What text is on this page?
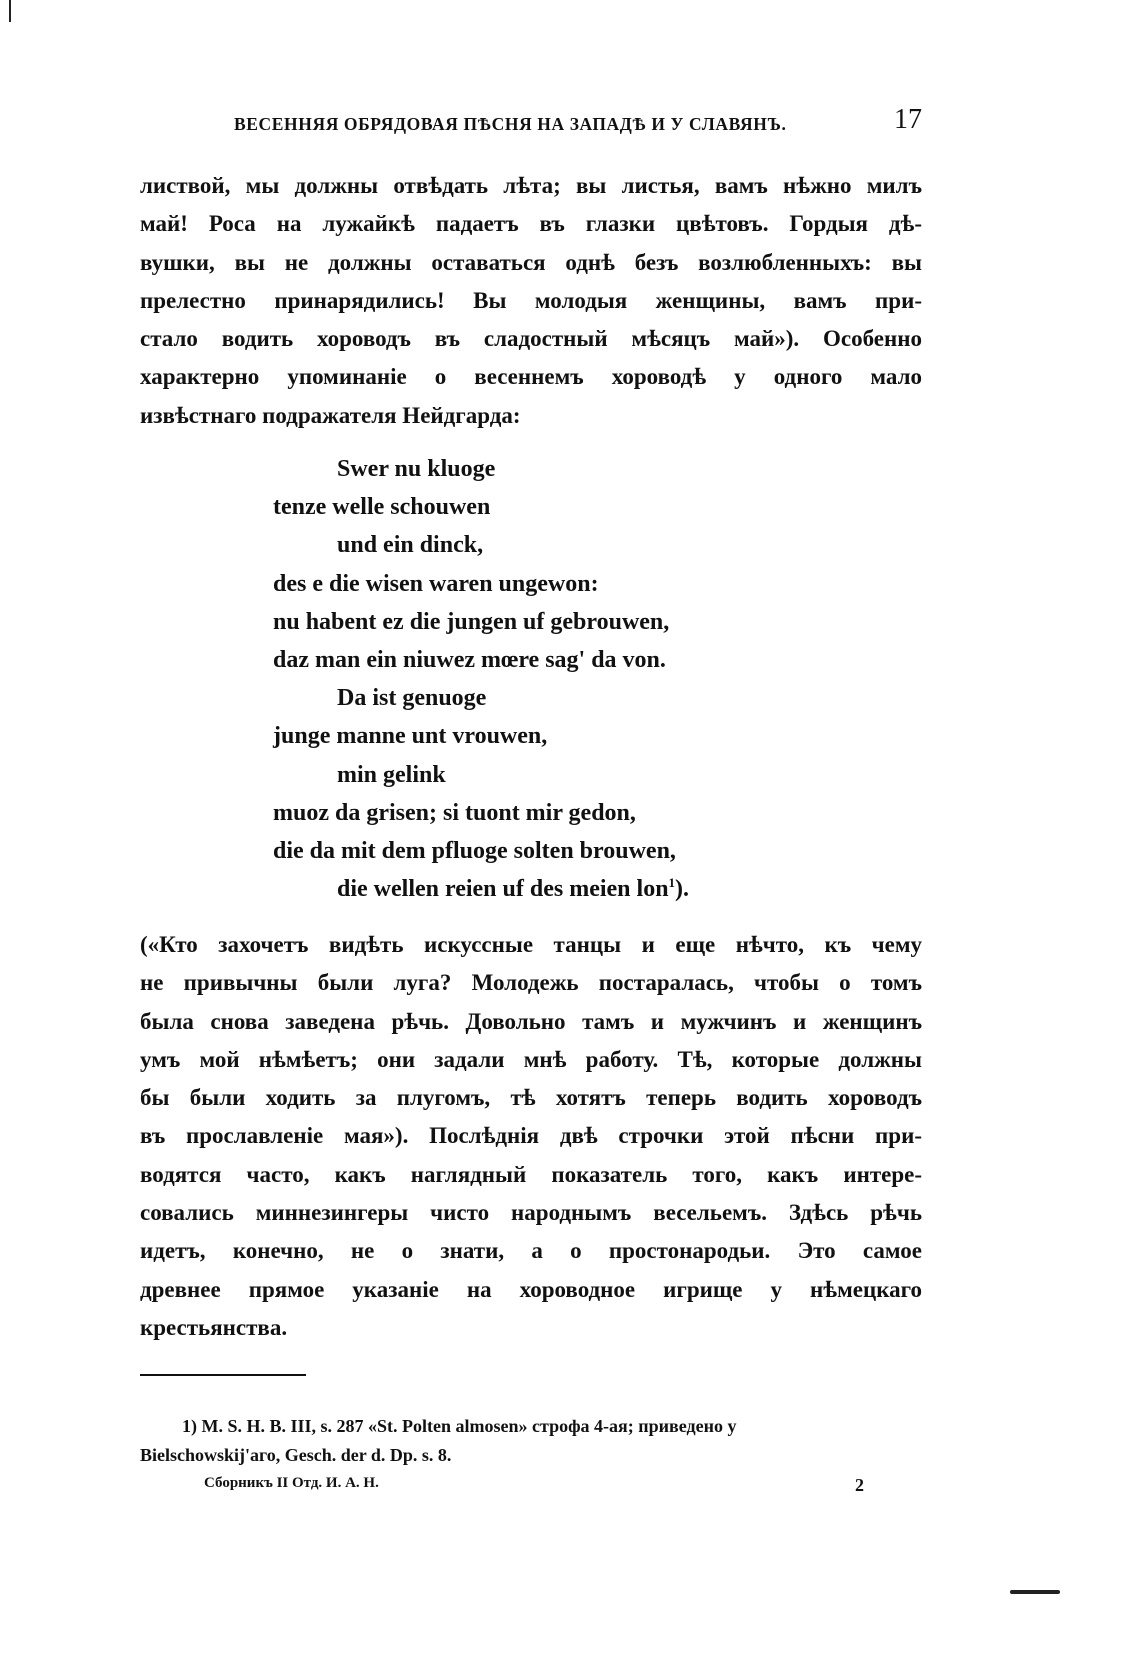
ВЕСЕННЯЯ ОБРЯДОВАЯ ПѢСНЯ НА ЗАПАДѢ И У СЛАВЯНЪ.	17
листвой, мы должны отвѣдать лѣта; вы листья, вамъ нѣжно милъ
май! Роса на лужайкѣ падаетъ въ глазки цвѣтовъ. Гордыя дѣ-
вушки, вы не должны оставаться однѣ безъ возлюбленныхъ: вы
прелестно принарядились! Вы молодыя женщины, вамъ при-
стало водить хороводъ въ сладостный мѣсяцъ май»). Особенно
характерно упоминаніе о весеннемъ хороводѣ у одного мало
извѣстнаго подражателя Нейдгарда:
Swer nu kluoge
tenze welle schouwen
und ein dinck,
des e die wisen waren ungewon:
nu habent ez die jungen uf gebrouwen,
daz man ein niuwez mœre sag' da von.
Da ist genuoge
junge manne unt vrouwen,
min gelink
muoz da grisen; si tuont mir gedon,
die da mit dem pfluoge solten brouwen,
die wellen reien uf des meien lon$^1$).
(«Кто захочетъ видѣть искуссные танцы и еще нѣчто, къ чему
не привычны были луга? Молодежь постаралась, чтобы о томъ
была снова заведена рѣчь. Довольно тамъ и мужчинъ и женщинъ
умъ мой нѣмѣетъ; они задали мнѣ работу. Тѣ, которые должны
бы были ходить за плугомъ, тѣ хотятъ теперь водить хороводъ
въ прославленіе мая»). Послѣднія двѣ строчки этой пѣсни при-
водятся часто, какъ наглядный показатель того, какъ интере-
совались миннезингеры чисто народнымъ весельемъ. Здѣсь рѣчь
идетъ, конечно, не о знати, а о простонародьи. Это самое
древнее прямое указаніе на хороводное игрище у нѣмецкаго
крестьянства.
1) M. S. H. B. III, s. 287 «St. Polten almosen» строфа 4-ая; приведено у
Bielschowskij'аго, Gesch. der d. Dp. s. 8.
Сборникъ II Отд. И. А. Н.	2
